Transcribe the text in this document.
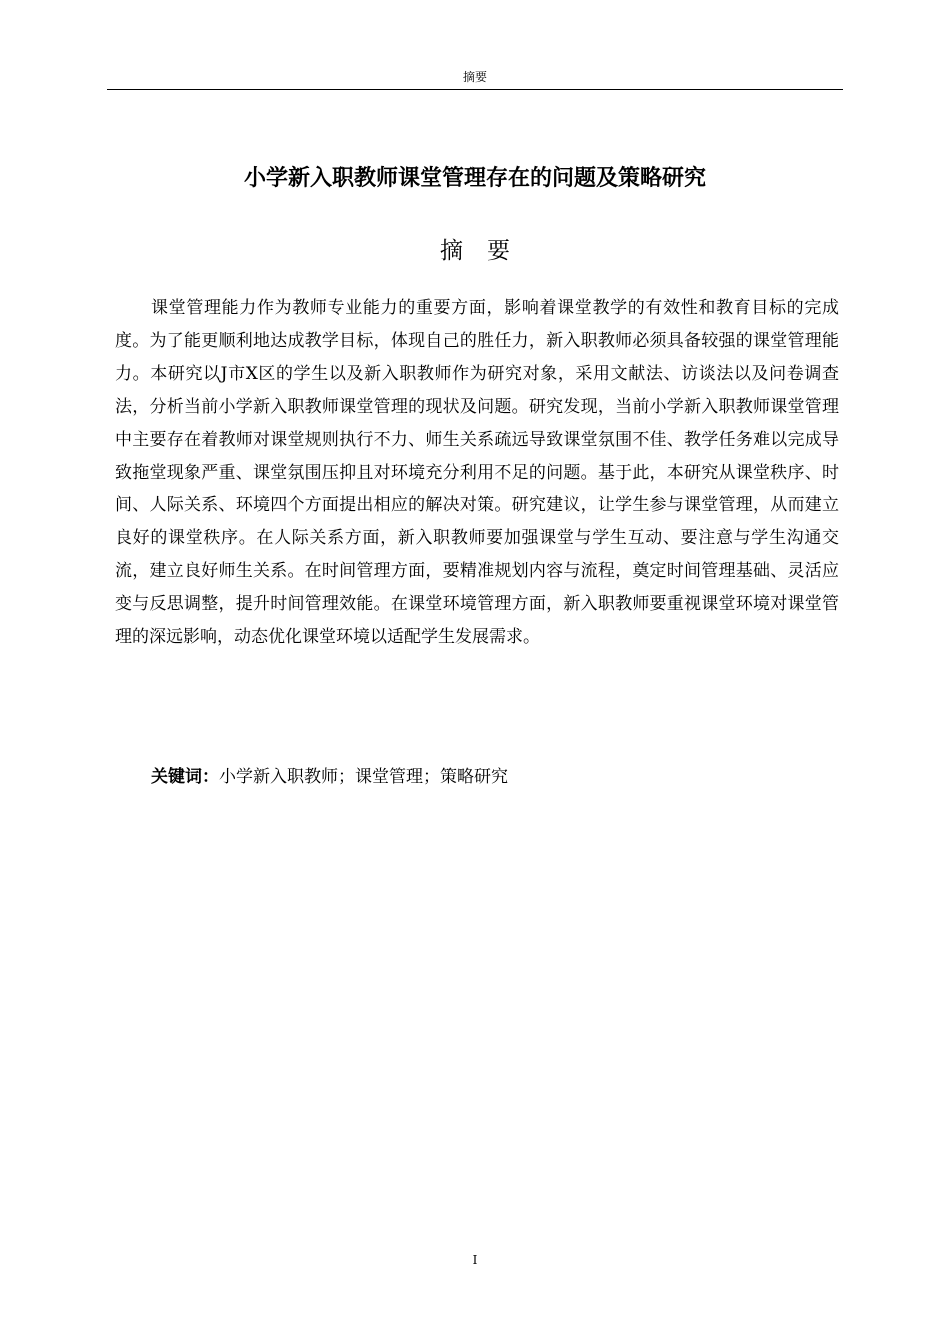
摘要
小学新入职教师课堂管理存在的问题及策略研究
摘要

课堂管理能力作为教师专业能力的重要方面，影响着课堂教学的有效性和教育目标的完成度。为了能更顺利地达成教学目标，体现自己的胜任力，新入职教师必须具备较强的课堂管理能力。本研究以J市X区的学生以及新入职教师作为研究对象，采用文献法、访谈法以及问卷调查法，分析当前小学新入职教师课堂管理的现状及问题。研究发现，当前小学新入职教师课堂管理中主要存在着教师对课堂规则执行不力、师生关系疏远导致课堂氛围不佳、教学任务难以完成导致拖堂现象严重、课堂氛围压抑且对环境充分利用不足的问题。基于此，本研究从课堂秩序、时间、人际关系、环境四个方面提出相应的解决对策。研究建议，让学生参与课堂管理，从而建立良好的课堂秩序。在人际关系方面，新入职教师要加强课堂与学生互动、要注意与学生沟通交流，建立良好师生关系。在时间管理方面，要精准规划内容与流程，奠定时间管理基础、灵活应变与反思调整，提升时间管理效能。在课堂环境管理方面，新入职教师要重视课堂环境对课堂管理的深远影响，动态优化课堂环境以适配学生发展需求。

关键词：小学新入职教师；课堂管理；策略研究

I
